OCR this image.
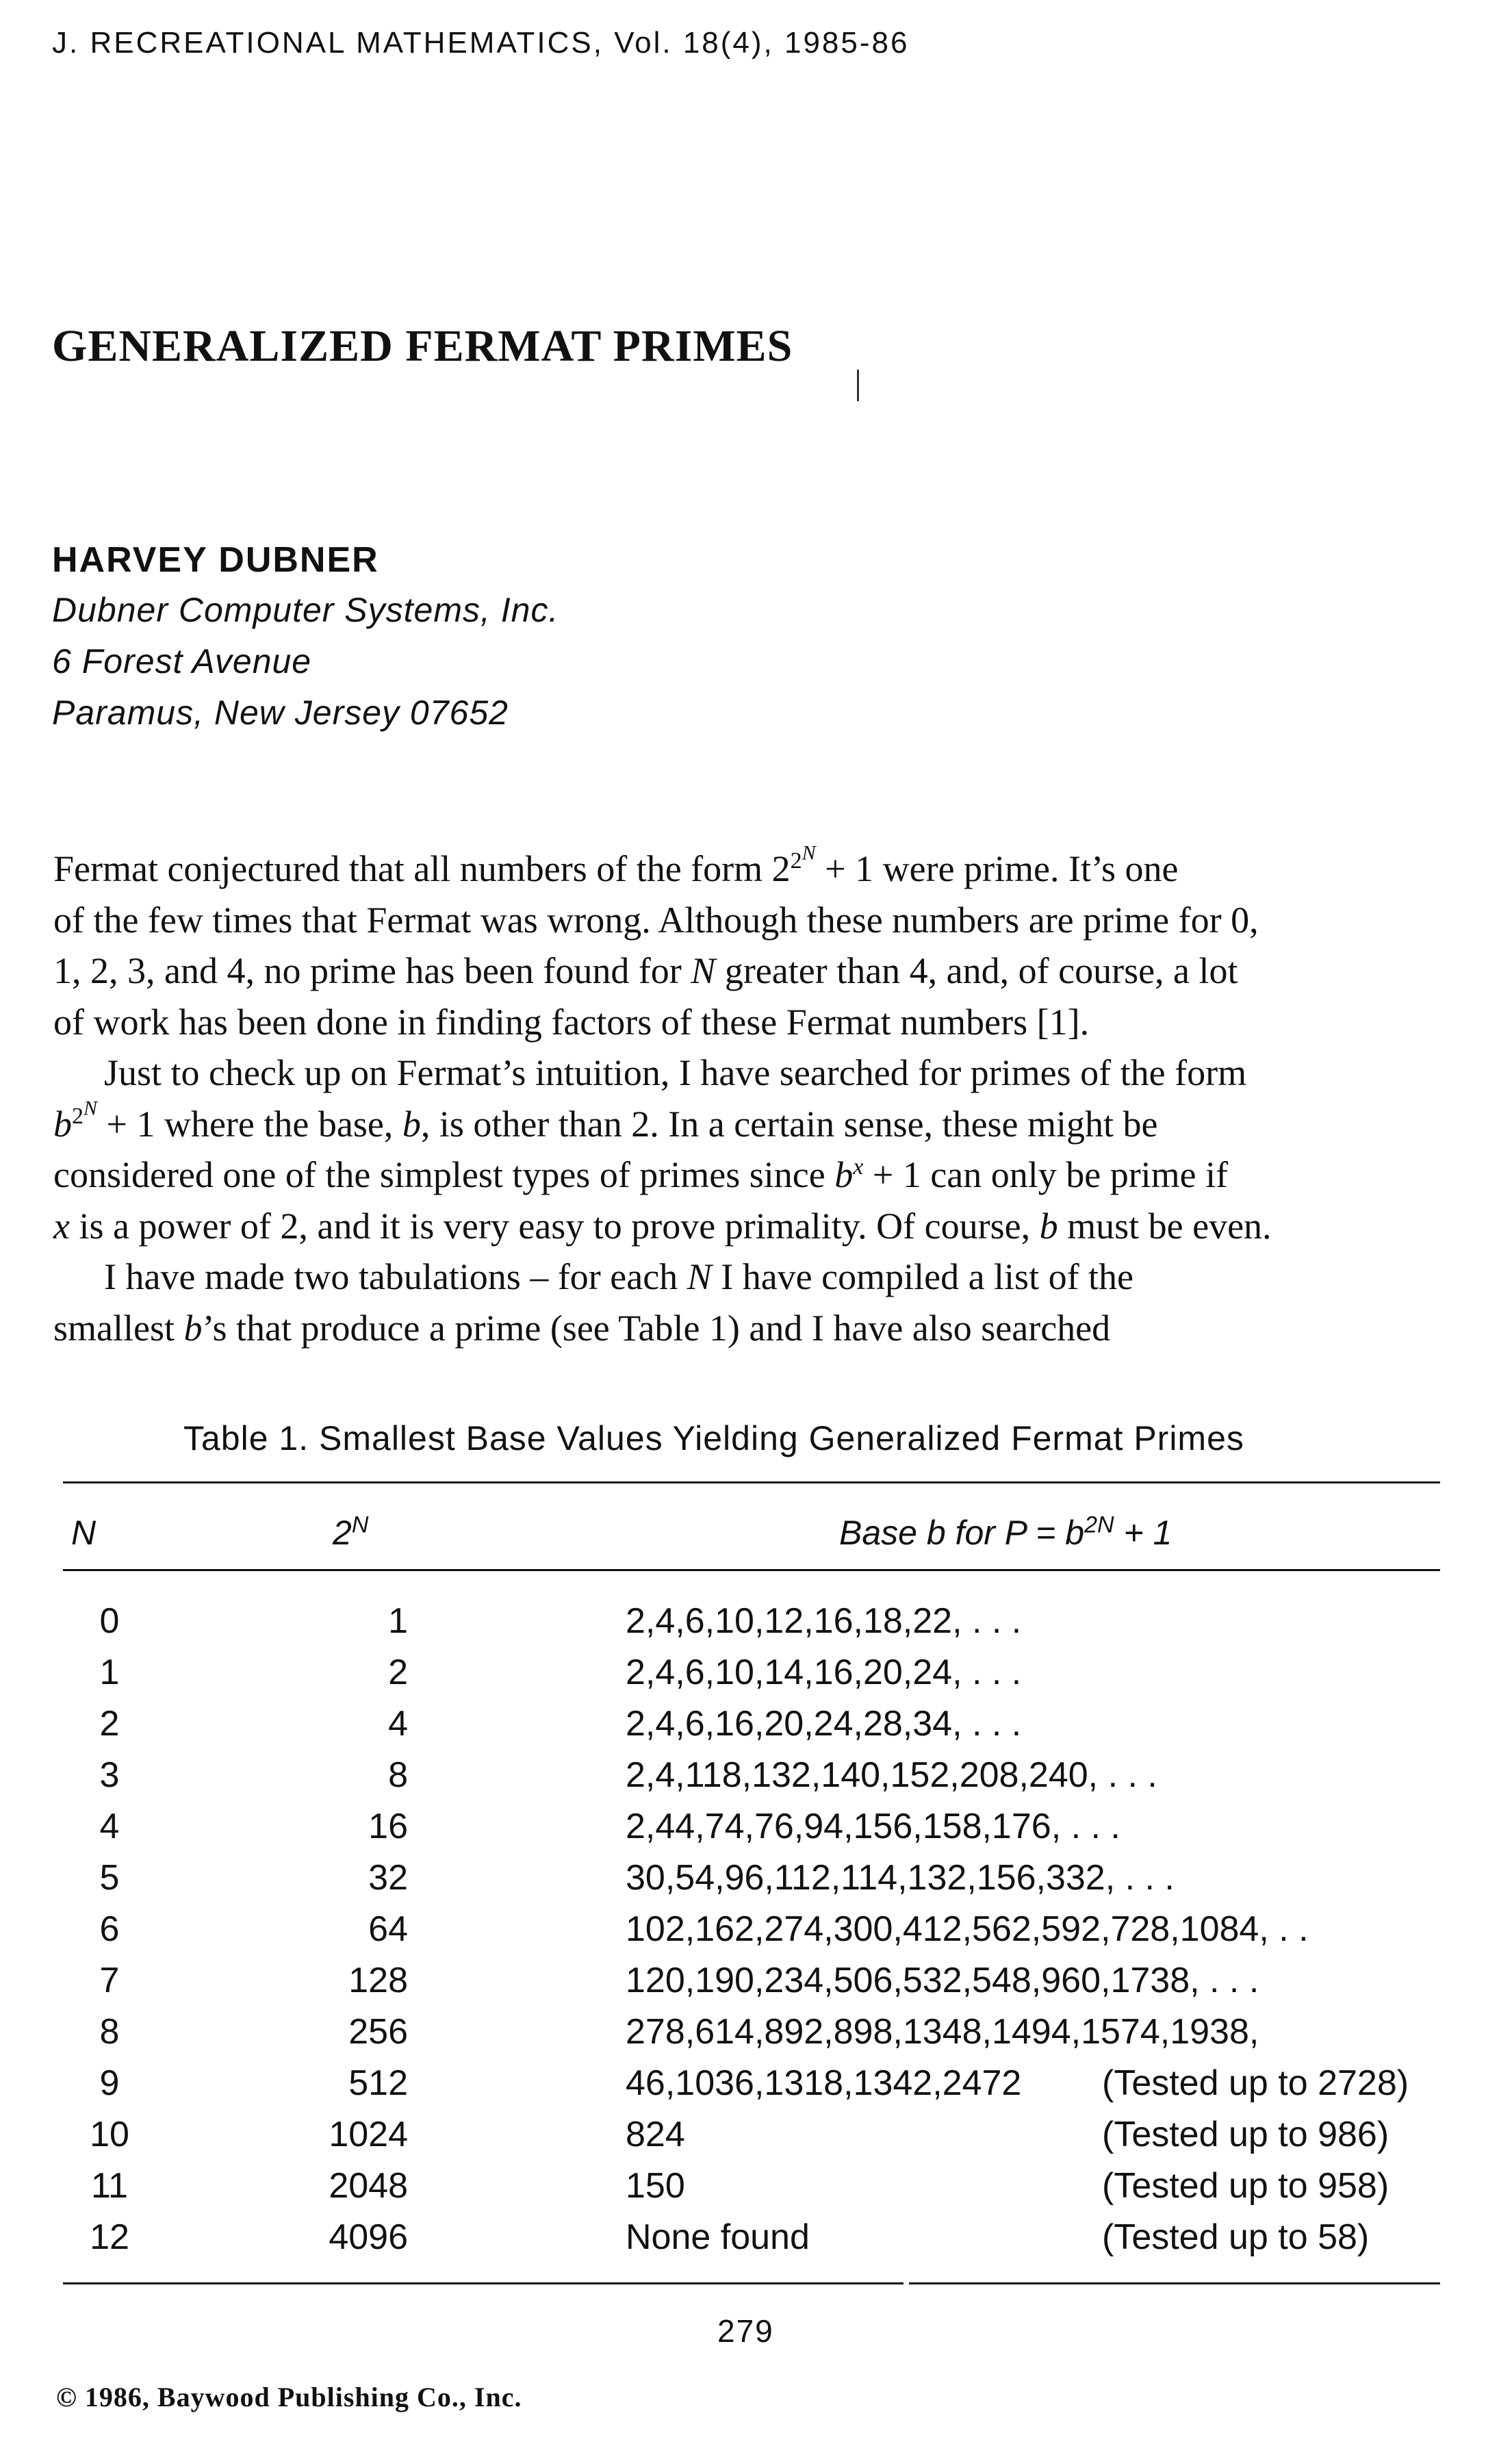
J. RECREATIONAL MATHEMATICS, Vol. 18(4), 1985-86
GENERALIZED FERMAT PRIMES
HARVEY DUBNER
Dubner Computer Systems, Inc.
6 Forest Avenue
Paramus, New Jersey 07652
Fermat conjectured that all numbers of the form $2^{2^N} + 1$ were prime. It’s one
of the few times that Fermat was wrong. Although these numbers are prime for 0,
1, 2, 3, and 4, no prime has been found for N greater than 4, and, of course, a lot
of work has been done in finding factors of these Fermat numbers [1].
Just to check up on Fermat’s intuition, I have searched for primes of the form
$b^{2^N} + 1$ where the base, b, is other than 2. In a certain sense, these might be
considered one of the simplest types of primes since $b^x + 1$ can only be prime if
x is a power of 2, and it is very easy to prove primality. Of course, b must be even.
I have made two tabulations – for each N I have compiled a list of the
smallest b’s that produce a prime (see Table 1) and I have also searched
Table 1. Smallest Base Values Yielding Generalized Fermat Primes
N	$2^N$	Base b for $P = b^{2N} + 1$
0	1	2,4,6,10,12,16,18,22, . . .
1	2	2,4,6,10,14,16,20,24, . . .
2	4	2,4,6,16,20,24,28,34, . . .
3	8	2,4,118,132,140,152,208,240, . . .
4	16	2,44,74,76,94,156,158,176, . . .
5	32	30,54,96,112,114,132,156,332, . . .
6	64	102,162,274,300,412,562,592,728,1084, . .
7	128	120,190,234,506,532,548,960,1738, . . .
8	256	278,614,892,898,1348,1494,1574,1938,
9	512	46,1036,1318,1342,2472 (Tested up to 2728)
10	1024	824	(Tested up to 986)
11	2048	150	(Tested up to 958)
12	4096	None found	(Tested up to 58)
279
© 1986, Baywood Publishing Co., Inc.
